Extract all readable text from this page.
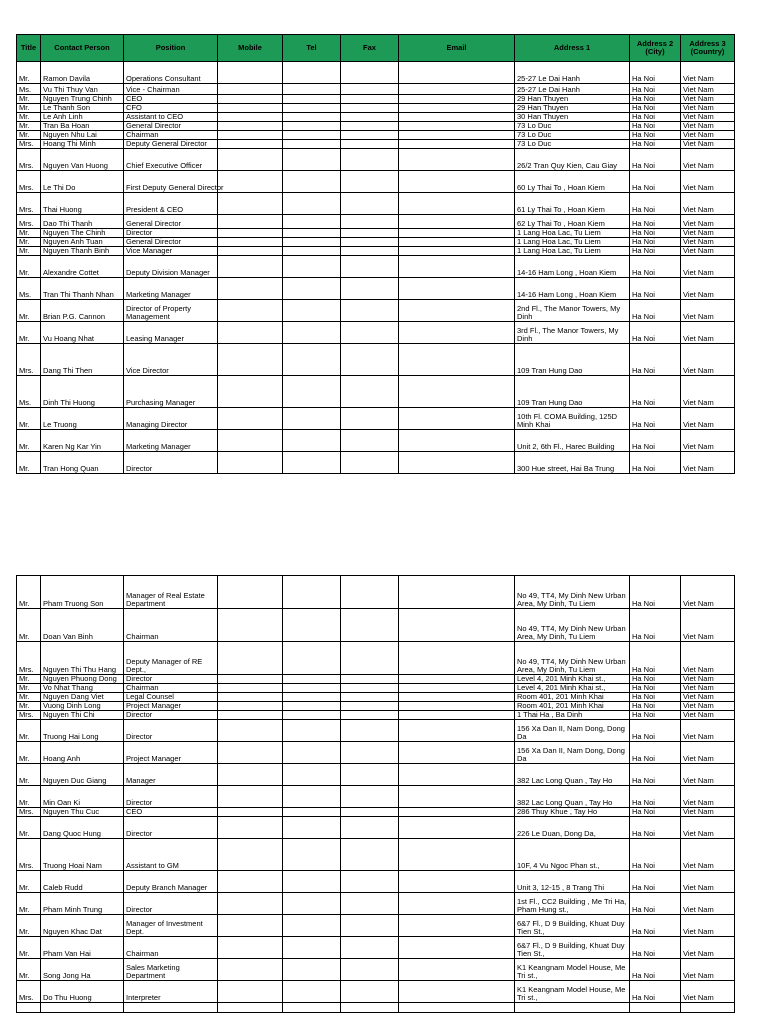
Title	Contact Person	Position	Mobile	Tel	Fax	Email	Address 1	Address 2 (City)	Address 3 (Country)
Mr.	Ramon Davila	Operations Consultant					25-27 Le Dai Hanh	Ha Noi	Viet Nam
Ms.	Vu Thi Thuy Van	Vice - Chairman					25-27 Le Dai Hanh	Ha Noi	Viet Nam
Mr.	Nguyen Trung Chinh	CEO					29 Han Thuyen	Ha Noi	Viet Nam
Mr.	Le Thanh Son	CFO					29 Han Thuyen	Ha Noi	Viet Nam
Mr.	Le Anh Linh	Assistant to CEO					30 Han Thuyen	Ha Noi	Viet Nam
Mr.	Tran Ba Hoan	General Director					73 Lo Duc	Ha Noi	Viet Nam
Mr.	Nguyen Nhu Lai	Chairman					73 Lo Duc	Ha Noi	Viet Nam
Mrs.	Hoang Thi Minh	Deputy General Director					73 Lo Duc	Ha Noi	Viet Nam
Mrs.	Nguyen Van Huong	Chief Executive Officer					26/2 Tran Quy Kien, Cau Giay	Ha Noi	Viet Nam
Mrs.	Le Thi Do	First Deputy General Director					60 Ly Thai To , Hoan Kiem	Ha Noi	Viet Nam
Mrs.	Thai Huong	President & CEO					61 Ly Thai To , Hoan Kiem	Ha Noi	Viet Nam
Mrs.	Dao Thi Thanh	General Director					62 Ly Thai To , Hoan Kiem	Ha Noi	Viet Nam
Mr.	Nguyen The Chinh	Director					1 Lang Hoa Lac, Tu Liem	Ha Noi	Viet Nam
Mr.	Nguyen Anh Tuan	General Director					1 Lang Hoa Lac, Tu Liem	Ha Noi	Viet Nam
Mr.	Nguyen Thanh Binh	Vice Manager					1 Lang Hoa Lac, Tu Liem	Ha Noi	Viet Nam
Mr.	Alexandre Cottet	Deputy Division Manager					14-16 Ham Long , Hoan Kiem	Ha Noi	Viet Nam
Ms.	Tran Thi Thanh Nhan	Marketing Manager					14-16 Ham Long , Hoan Kiem	Ha Noi	Viet Nam
Mr.	Brian P.G. Cannon	Director of Property Management					2nd Fl., The Manor Towers, My Dinh	Ha Noi	Viet Nam
Mr.	Vu Hoang Nhat	Leasing Manager					3rd Fl., The Manor Towers, My Dinh	Ha Noi	Viet Nam
Mrs.	Dang Thi Then	Vice Director					109 Tran Hung Dao	Ha Noi	Viet Nam
Ms.	Dinh Thi Huong	Purchasing Manager					109 Tran Hung Dao	Ha Noi	Viet Nam
Mr.	Le Truong	Managing Director					10th Fl. COMA Building, 125D Minh Khai	Ha Noi	Viet Nam
Mr.	Karen Ng Kar Yin	Marketing Manager					Unit 2, 6th Fl., Harec Building	Ha Noi	Viet Nam
Mr.	Tran Hong Quan	Director					300 Hue street, Hai Ba Trung	Ha Noi	Viet Nam
Mr.	Pham Truong Son	Manager of Real Estate Department					No 49, TT4, My Dinh New Urban Area, My Dinh, Tu Liem	Ha Noi	Viet Nam
Mr.	Doan Van Binh	Chairman					No 49, TT4, My Dinh New Urban Area, My Dinh, Tu Liem	Ha Noi	Viet Nam
Mrs.	Nguyen Thi Thu Hang	Deputy Manager of RE Dept.,					No 49, TT4, My Dinh New Urban Area, My Dinh, Tu Liem	Ha Noi	Viet Nam
Mr.	Nguyen Phuong Dong	Director					Level 4, 201 Minh Khai st.,	Ha Noi	Viet Nam
Mr.	Vo Nhat Thang	Chairman					Level 4, 201 Minh Khai st.,	Ha Noi	Viet Nam
Mr.	Nguyen Dang Viet	Legal Counsel					Room 401, 201 Minh Khai	Ha Noi	Viet Nam
Mr.	Vuong Dinh Long	Project Manager					Room 401, 201 Minh Khai	Ha Noi	Viet Nam
Mrs.	Nguyen Thi Chi	Director					1 Thai Ha , Ba Dinh	Ha Noi	Viet Nam
Mr.	Truong Hai Long	Director					156 Xa Dan II, Nam Dong, Dong Da	Ha Noi	Viet Nam
Mr.	Hoang Anh	Project Manager					156 Xa Dan II, Nam Dong, Dong Da	Ha Noi	Viet Nam
Mr.	Nguyen Duc Giang	Manager					382 Lac Long Quan , Tay Ho	Ha Noi	Viet Nam
Mr.	Min Oan Ki	Director					382 Lac Long Quan , Tay Ho	Ha Noi	Viet Nam
Mrs.	Nguyen Thu Cuc	CEO					286 Thuy Khue , Tay Ho	Ha Noi	Viet Nam
Mr.	Dang Quoc Hung	Director					226 Le Duan, Dong Da,	Ha Noi	Viet Nam
Mrs.	Truong Hoai Nam	Assistant to GM					10F, 4 Vu Ngoc Phan st.,	Ha Noi	Viet Nam
Mr.	Caleb Rudd	Deputy Branch Manager					Unit 3, 12-15 , 8 Trang Thi	Ha Noi	Viet Nam
Mr.	Pham Minh Trung	Director					1st Fl., CC2 Building , Me Tri Ha, Pham Hung st.,	Ha Noi	Viet Nam
Mr.	Nguyen Khac Dat	Manager of Investment Dept.					6&7 Fl., D 9 Building, Khuat Duy Tien St.,	Ha Noi	Viet Nam
Mr.	Pham Van Hai	Chairman					6&7 Fl., D 9 Building, Khuat Duy Tien St.,	Ha Noi	Viet Nam
Mr.	Song Jong Ha	Sales Marketing Department					K1 Keangnam Model House, Me Tri st.,	Ha Noi	Viet Nam
Mrs.	Do Thu Huong	Interpreter					K1 Keangnam Model House, Me Tri st.,	Ha Noi	Viet Nam
